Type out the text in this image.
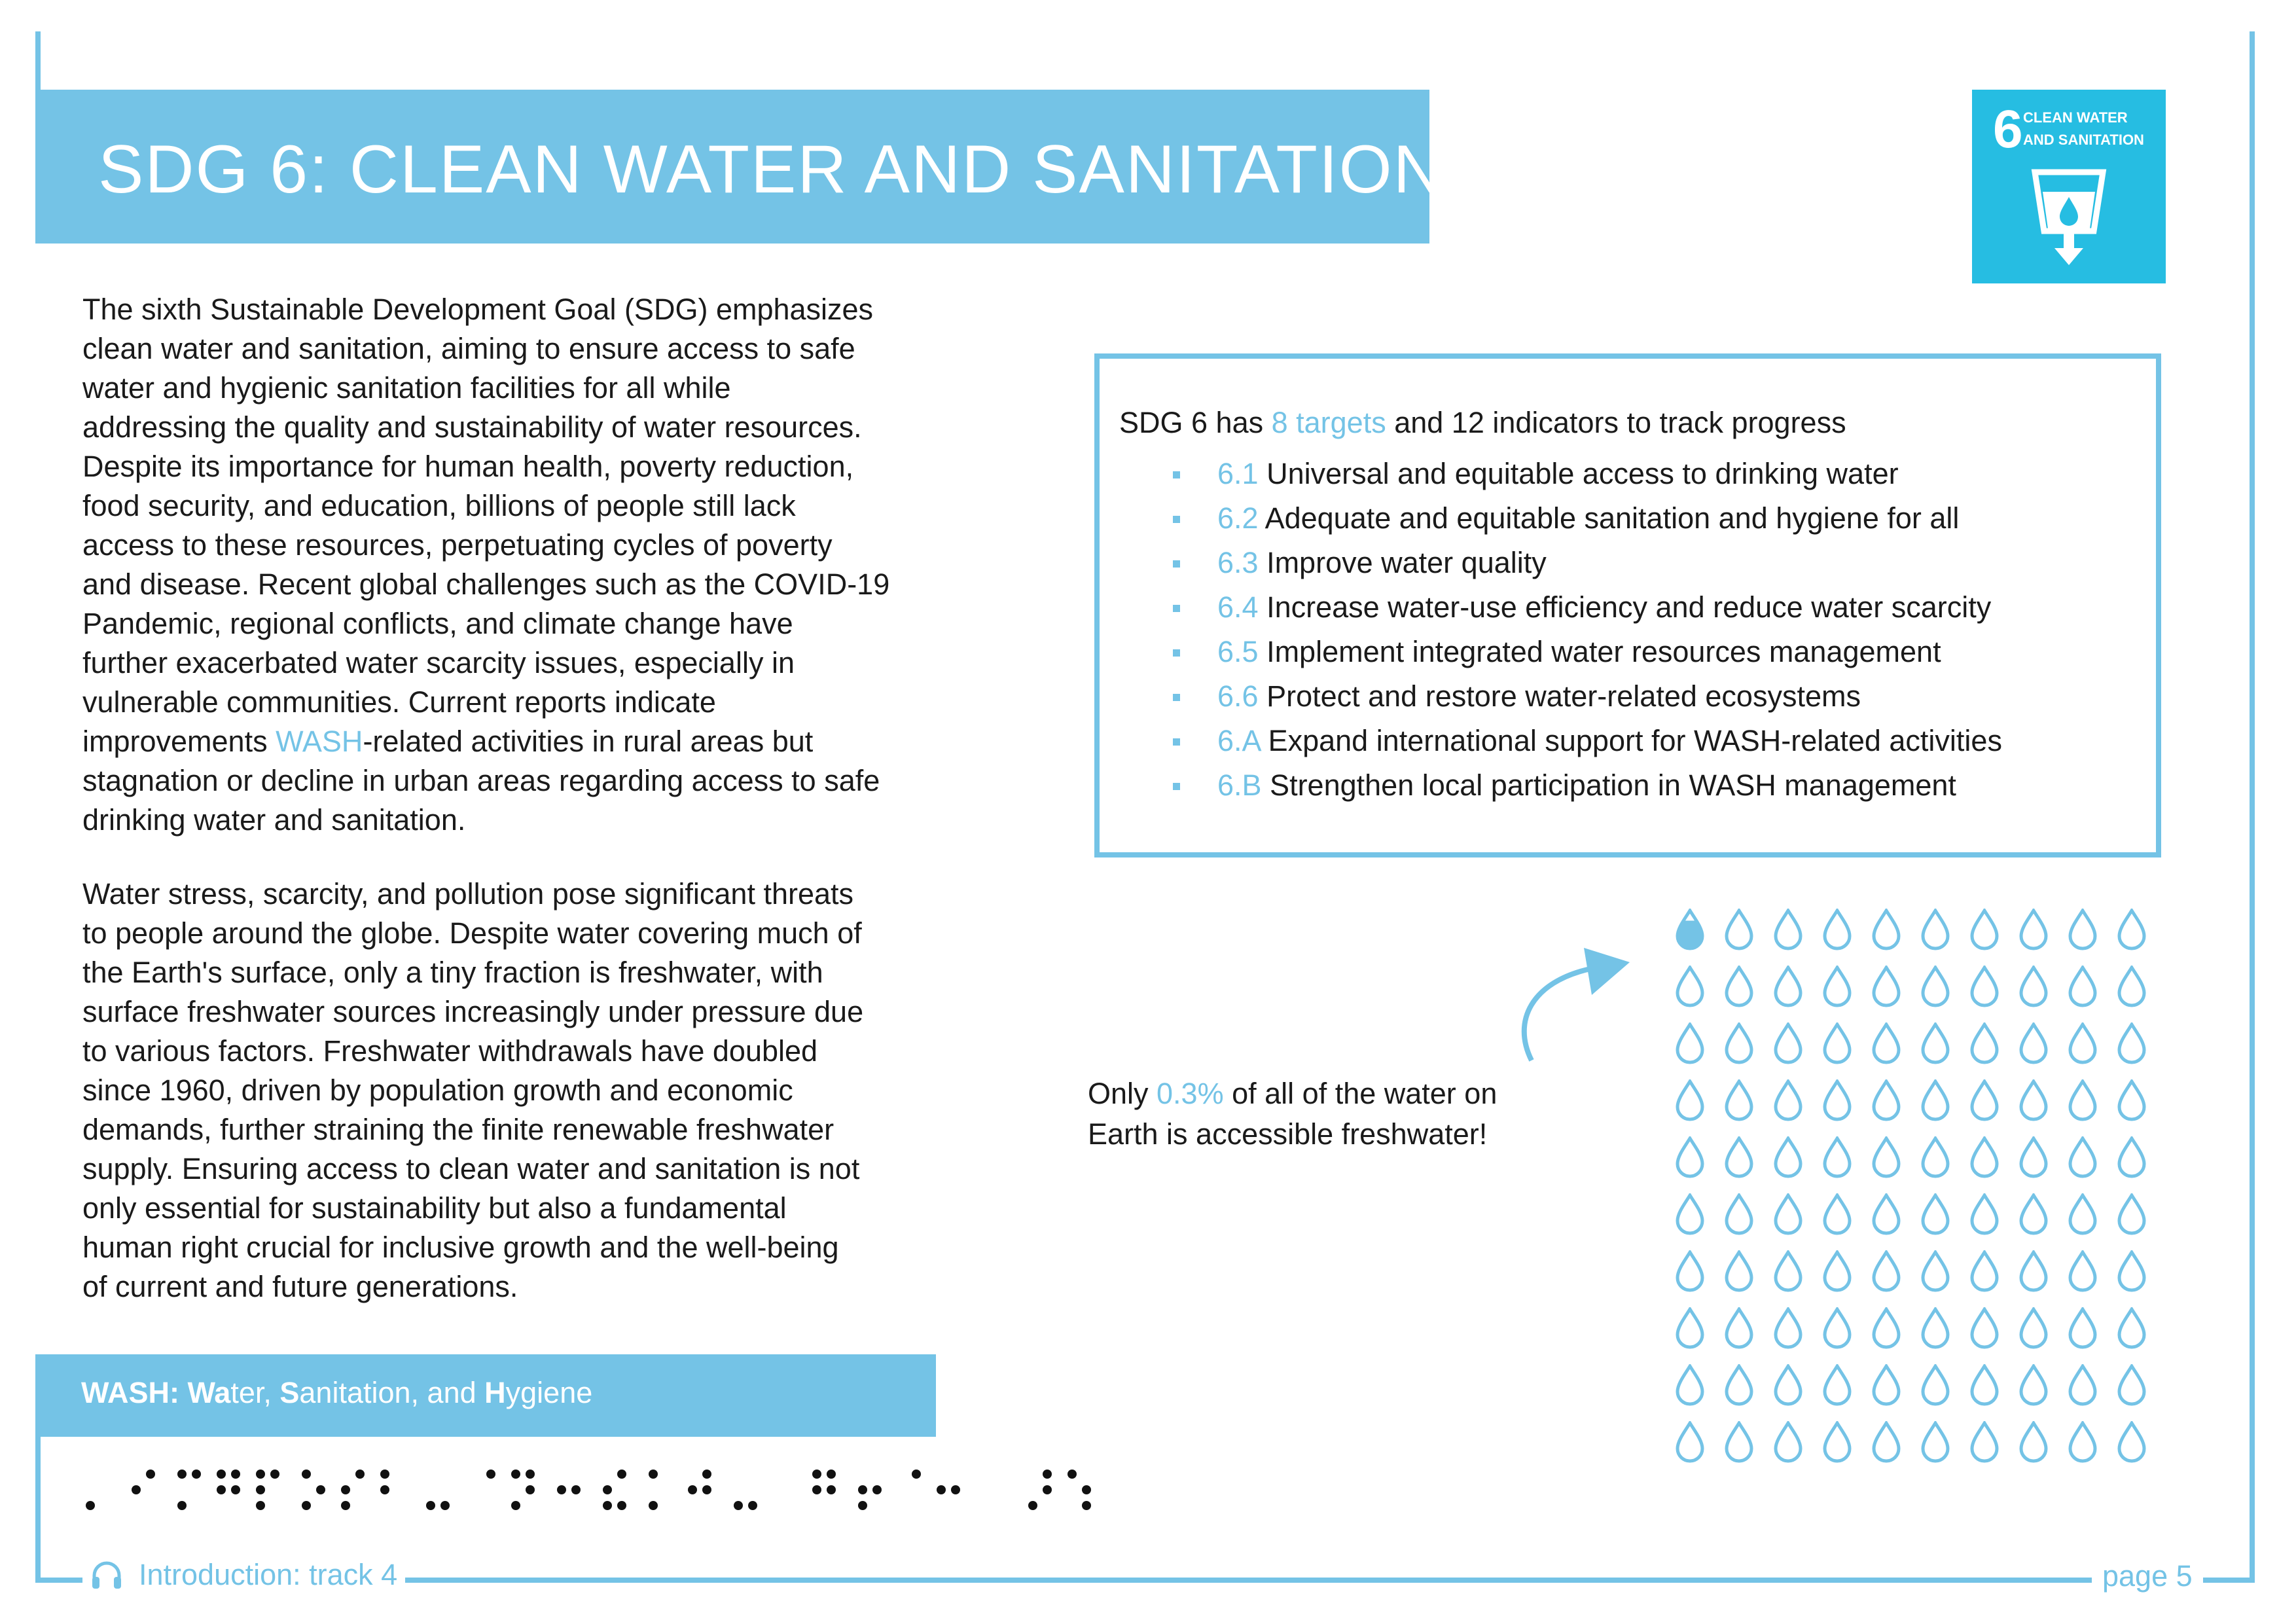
SDG 6: CLEAN WATER AND SANITATION
6 CLEAN WATER
AND SANITATION

The sixth Sustainable Development Goal (SDG) emphasizes
clean water and sanitation, aiming to ensure access to safe
water and hygienic sanitation facilities for all while
addressing the quality and sustainability of water resources.
Despite its importance for human health, poverty reduction,
food security, and education, billions of people still lack
access to these resources, perpetuating cycles of poverty
and disease. Recent global challenges such as the COVID-19
Pandemic, regional conflicts, and climate change have
further exacerbated water scarcity issues, especially in
vulnerable communities. Current reports indicate
improvements WASH-related activities in rural areas but
stagnation or decline in urban areas regarding access to safe
drinking water and sanitation.

Water stress, scarcity, and pollution pose significant threats
to people around the globe. Despite water covering much of
the Earth's surface, only a tiny fraction is freshwater, with
surface freshwater sources increasingly under pressure due
to various factors. Freshwater withdrawals have doubled
since 1960, driven by population growth and economic
demands, further straining the finite renewable freshwater
supply. Ensuring access to clean water and sanitation is not
only essential for sustainability but also a fundamental
human right crucial for inclusive growth and the well-being
of current and future generations.

SDG 6 has 8 targets and 12 indicators to track progress

6.1 Universal and equitable access to drinking water
6.2 Adequate and equitable sanitation and hygiene for all
6.3 Improve water quality
6.4 Increase water-use efficiency and reduce water scarcity
6.5 Implement integrated water resources management
6.6 Protect and restore water-related ecosystems
6.A Expand international support for WASH-related activities
6.B Strengthen local participation in WASH management

Only 0.3% of all of the water on
Earth is accessible freshwater!

WASH: Water, Sanitation, and Hygiene

Introduction: track 4	page 5
